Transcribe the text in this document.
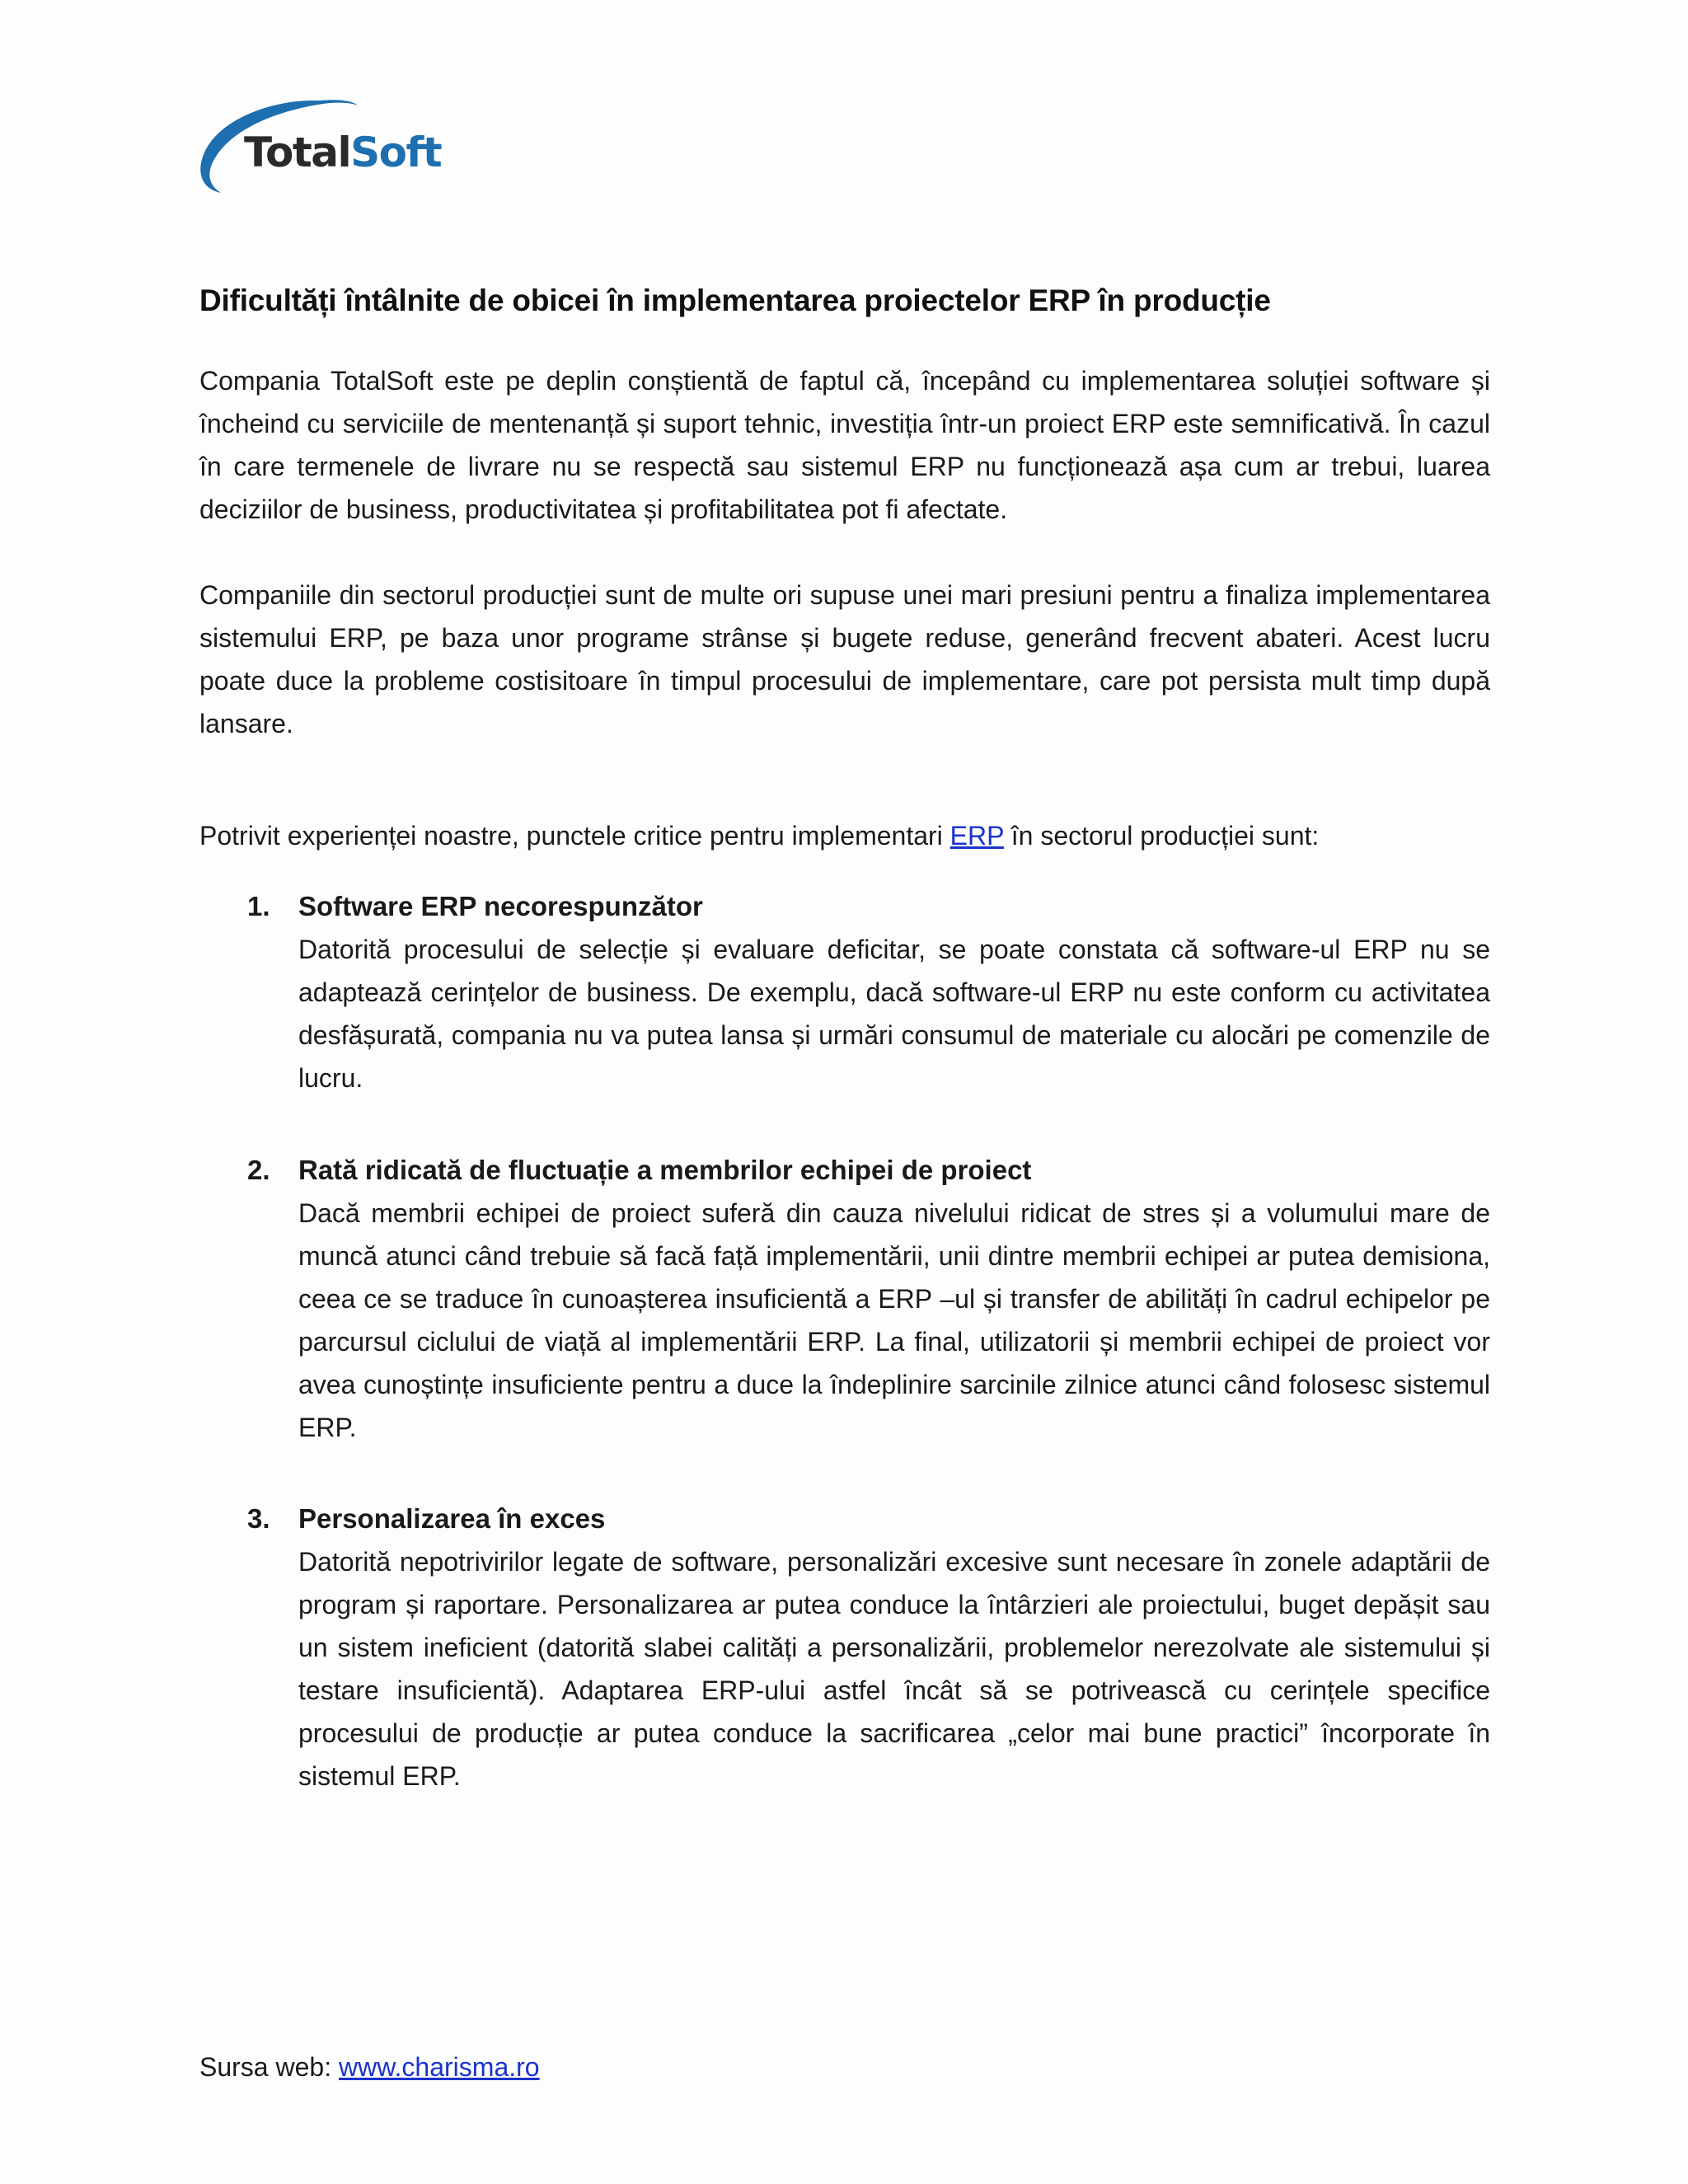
TotalSoft
Dificultăți întâlnite de obicei în implementarea proiectelor ERP în producție

Compania TotalSoft este pe deplin conștientă de faptul că, începând cu implementarea soluției software și încheind cu serviciile de mentenanță și suport tehnic, investiția într-un proiect ERP este semnificativă. În cazul în care termenele de livrare nu se respectă sau sistemul ERP nu funcționează așa cum ar trebui, luarea deciziilor de business, productivitatea și profitabilitatea pot fi afectate.

Companiile din sectorul producției sunt de multe ori supuse unei mari presiuni pentru a finaliza implementarea sistemului ERP, pe baza unor programe strânse și bugete reduse, generând frecvent abateri. Acest lucru poate duce la probleme costisitoare în timpul procesului de implementare, care pot persista mult timp după lansare.

Potrivit experienței noastre, punctele critice pentru implementari ERP în sectorul producției sunt:

1. Software ERP necorespunzător

Datorită procesului de selecție și evaluare deficitar, se poate constata că software-ul ERP nu se adaptează cerințelor de business. De exemplu, dacă software-ul ERP nu este conform cu activitatea desfășurată, compania nu va putea lansa și urmări consumul de materiale cu alocări pe comenzile de lucru.

2. Rată ridicată de fluctuație a membrilor echipei de proiect

Dacă membrii echipei de proiect suferă din cauza nivelului ridicat de stres și a volumului mare de muncă atunci când trebuie să facă față implementării, unii dintre membrii echipei ar putea demisiona, ceea ce se traduce în cunoașterea insuficientă a ERP –ul și transfer de abilități în cadrul echipelor pe parcursul ciclului de viață al implementării ERP. La final, utilizatorii și membrii echipei de proiect vor avea cunoștințe insuficiente pentru a duce la îndeplinire sarcinile zilnice atunci când folosesc sistemul ERP.

3. Personalizarea în exces

Datorită nepotrivirilor legate de software, personalizări excesive sunt necesare în zonele adaptării de program și raportare. Personalizarea ar putea conduce la întârzieri ale proiectului, buget depășit sau un sistem ineficient (datorită slabei calități a personalizării, problemelor nerezolvate ale sistemului și testare insuficientă). Adaptarea ERP-ului astfel încât să se potrivească cu cerințele specifice procesului de producție ar putea conduce la sacrificarea „celor mai bune practici” încorporate în sistemul ERP.

Sursa web: www.charisma.ro
